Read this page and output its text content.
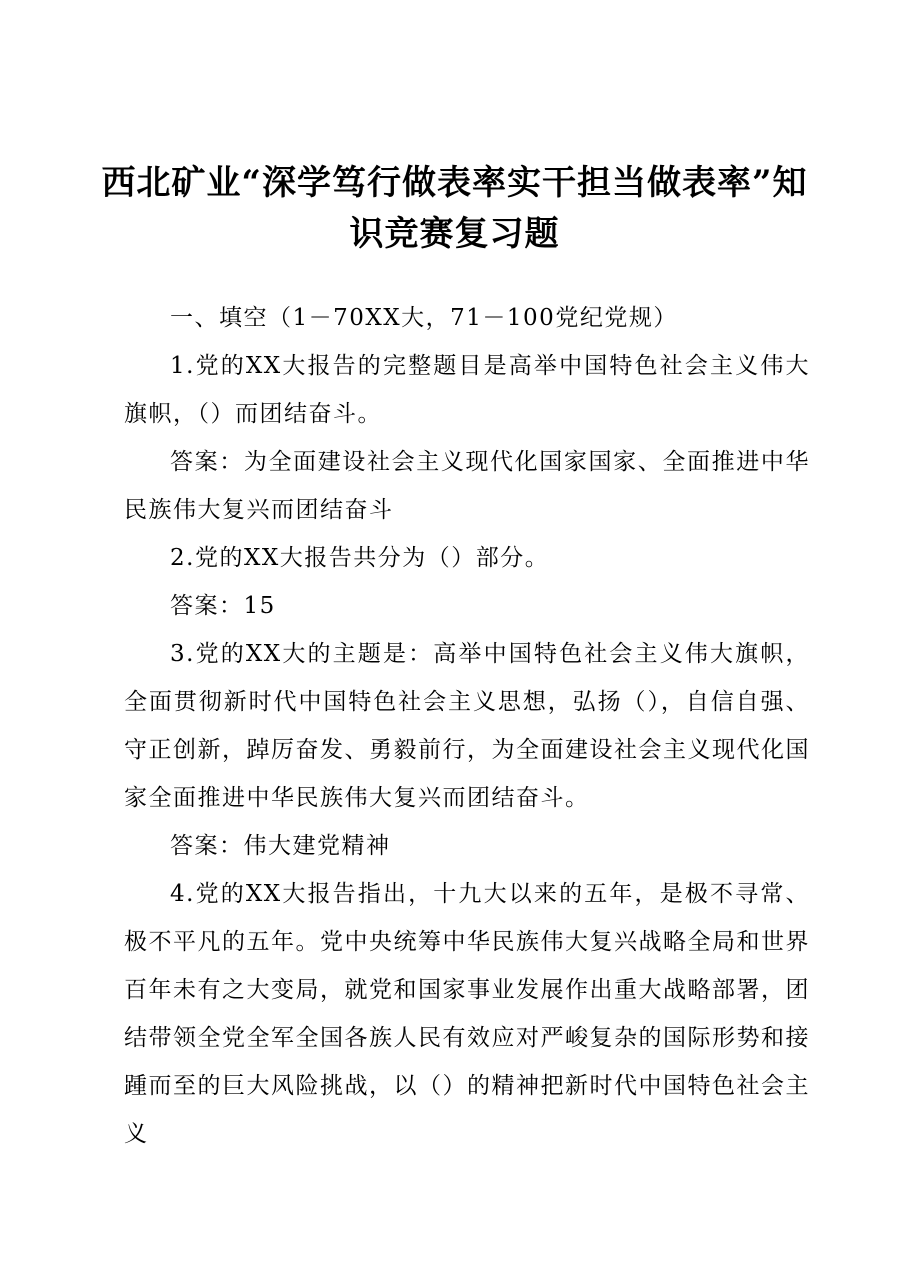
西北矿业“深学笃行做表率实干担当做表率”知识竞赛复习题

一、填空（1－70XX大，71－100党纪党规）

1.党的XX大报告的完整题目是高举中国特色社会主义伟大旗帜，（）而团结奋斗。

答案：为全面建设社会主义现代化国家国家、全面推进中华民族伟大复兴而团结奋斗

2.党的XX大报告共分为（）部分。

答案：15

3.党的XX大的主题是：高举中国特色社会主义伟大旗帜，全面贯彻新时代中国特色社会主义思想，弘扬（），自信自强、守正创新，踔厉奋发、勇毅前行，为全面建设社会主义现代化国家全面推进中华民族伟大复兴而团结奋斗。

答案：伟大建党精神

4.党的XX大报告指出，十九大以来的五年，是极不寻常、极不平凡的五年。党中央统筹中华民族伟大复兴战略全局和世界百年未有之大变局，就党和国家事业发展作出重大战略部署，团结带领全党全军全国各族人民有效应对严峻复杂的国际形势和接踵而至的巨大风险挑战，以（）的精神把新时代中国特色社会主义
